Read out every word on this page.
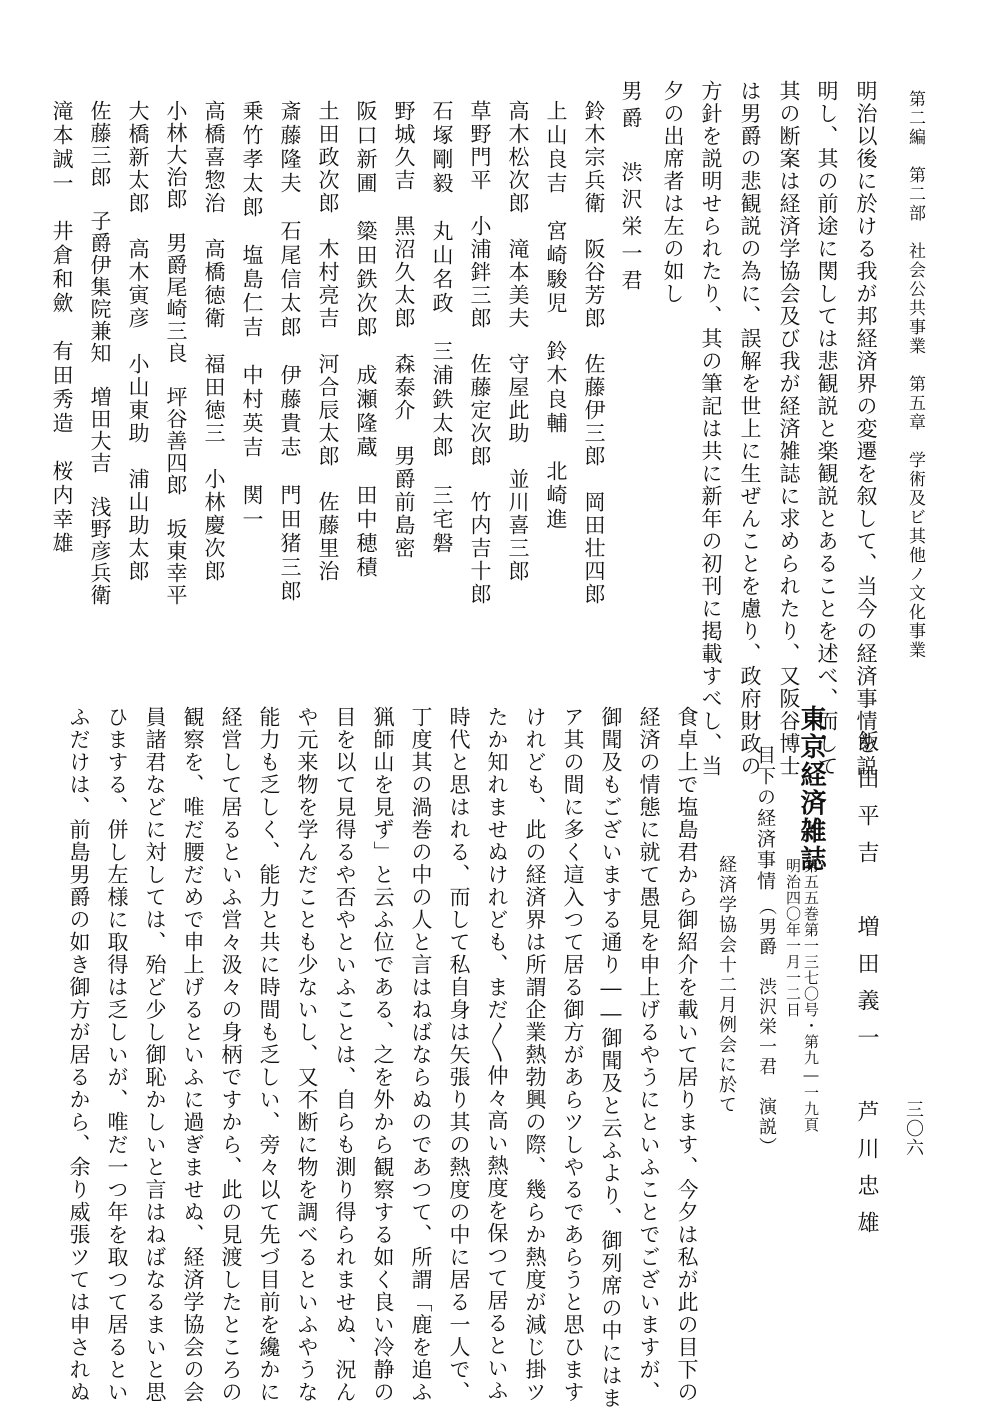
第二編　第二部　社会公共事業　第五章　学術及ビ其他ノ文化事業
明治以後に於ける我が邦経済界の変遷を叙して、当今の経済事情を説
明し、其の前途に関しては悲観説と楽観説とあることを述べ、而して
其の断案は経済学協会及び我が経済雑誌に求められたり、又阪谷博士
は男爵の悲観説の為に、誤解を世上に生ぜんことを慮り、政府財政の
方針を説明せられたり、其の筆記は共に新年の初刊に掲載すべし、当
夕の出席者は左の如し
男爵　渋沢栄一君
鈴木宗兵衛　阪谷芳郎　佐藤伊三郎　岡田壮四郎
上山良吉　宮崎駿児　鈴木良輔　北崎進
高木松次郎　滝本美夫　守屋此助　並川喜三郎
草野門平　小浦鉡三郎　佐藤定次郎　竹内吉十郎
石塚剛毅　丸山名政　三浦鉄太郎　三宅磐
野城久吉　黒沼久太郎　森泰介　男爵前島密
阪口新圃　簗田鉄次郎　成瀬隆蔵　田中穂積
土田政次郎　木村亮吉　河合辰太郎　佐藤里治
斎藤隆夫　石尾信太郎　伊藤貴志　門田猪三郎
乗竹孝太郎　塩島仁吉　中村英吉　関一
高橋喜惣治　高橋徳衛　福田徳三　小林慶次郎
小林大治郎　男爵尾崎三良　坪谷善四郎　坂東幸平
大橋新太郎　高木寅彦　小山東助　浦山助太郎
佐藤三郎　子爵伊集院兼知　増田大吉　浅野彦兵衛
滝本誠一　井倉和歛　有田秀造　桜内幸雄
三〇六
飯田平吉　増田義一　芦川忠雄
東京経済雑誌
第五五巻第一三七〇号・第九―一九頁
明治四〇年一月一二日
目下の経済事情
（男爵　渋沢栄一君　演説）
経済学協会十二月例会に於て
食卓上で塩島君から御紹介を載いて居ります、今夕は私が此の目下の
経済の情態に就て愚見を申上げるやうにといふことでございますが、
御聞及もございまする通り――御聞及と云ふより、御列席の中にはま
ア其の間に多く這入つて居る御方があらツしやるであらうと思ひます
けれども、此の経済界は所謂企業熱勃興の際、幾らか熱度が減じ掛ツ
たか知れませぬけれども、まだ〳〵仲々高い熱度を保つて居るといふ
時代と思はれる、而して私自身は矢張り其の熱度の中に居る一人で、
丁度其の渦巻の中の人と言はねばならぬのであつて、所謂「鹿を追ふ
猟師山を見ず」と云ふ位である、之を外から観察する如く良い冷静の
目を以て見得るや否やといふことは、自らも測り得られませぬ、況ん
や元来物を学んだことも少ないし、又不断に物を調べるといふやうな
能力も乏しく、能力と共に時間も乏しい、旁々以て先づ目前を纔かに
経営して居るといふ営々汲々の身柄ですから、此の見渡したところの
観察を、唯だ腰だめで申上げるといふに過ぎませぬ、経済学協会の会
員諸君などに対しては、殆ど少し御恥かしいと言はねばなるまいと思
ひまする、併し左様に取得は乏しいが、唯だ一つ年を取つて居るとい
ふだけは、前島男爵の如き御方が居るから、余り威張ツては申されぬ
